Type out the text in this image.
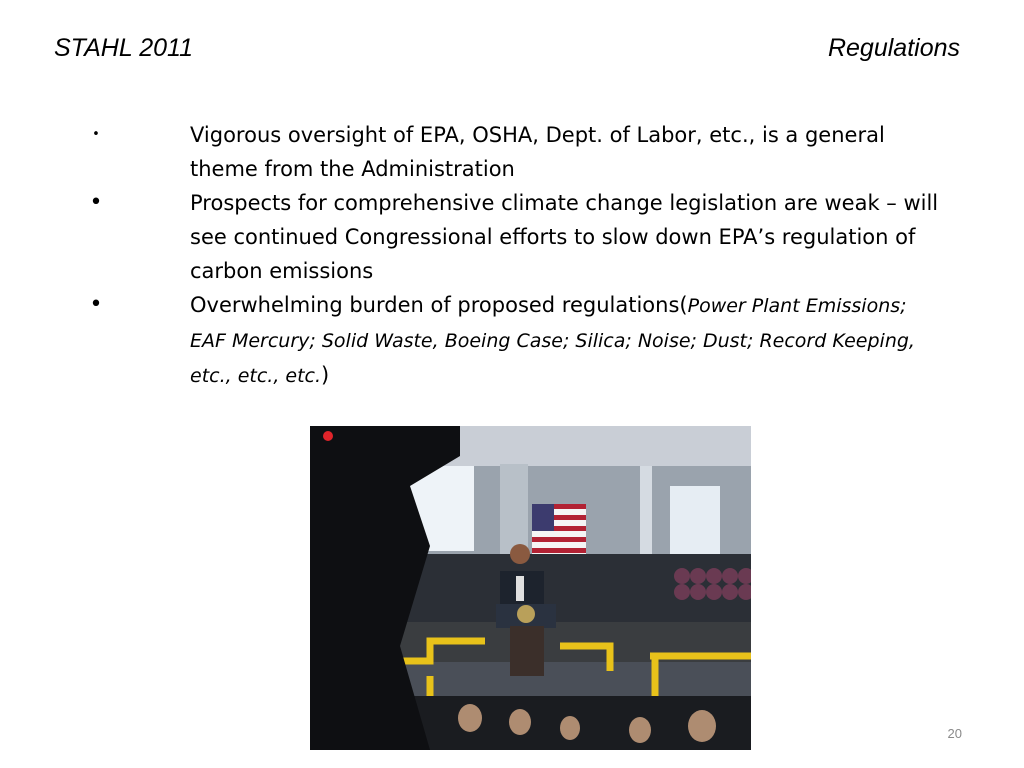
STAHL 2011	Regulations
•	Vigorous oversight of EPA, OSHA, Dept. of Labor, etc., is a general theme from the Administration
•	Prospects for comprehensive climate change legislation are weak – will see continued Congressional efforts to slow down EPA’s regulation of carbon emissions
•	Overwhelming burden of proposed regulations(Power Plant Emissions; EAF Mercury; Solid Waste, Boeing Case; Silica; Noise; Dust; Record Keeping, etc., etc., etc.)
20
